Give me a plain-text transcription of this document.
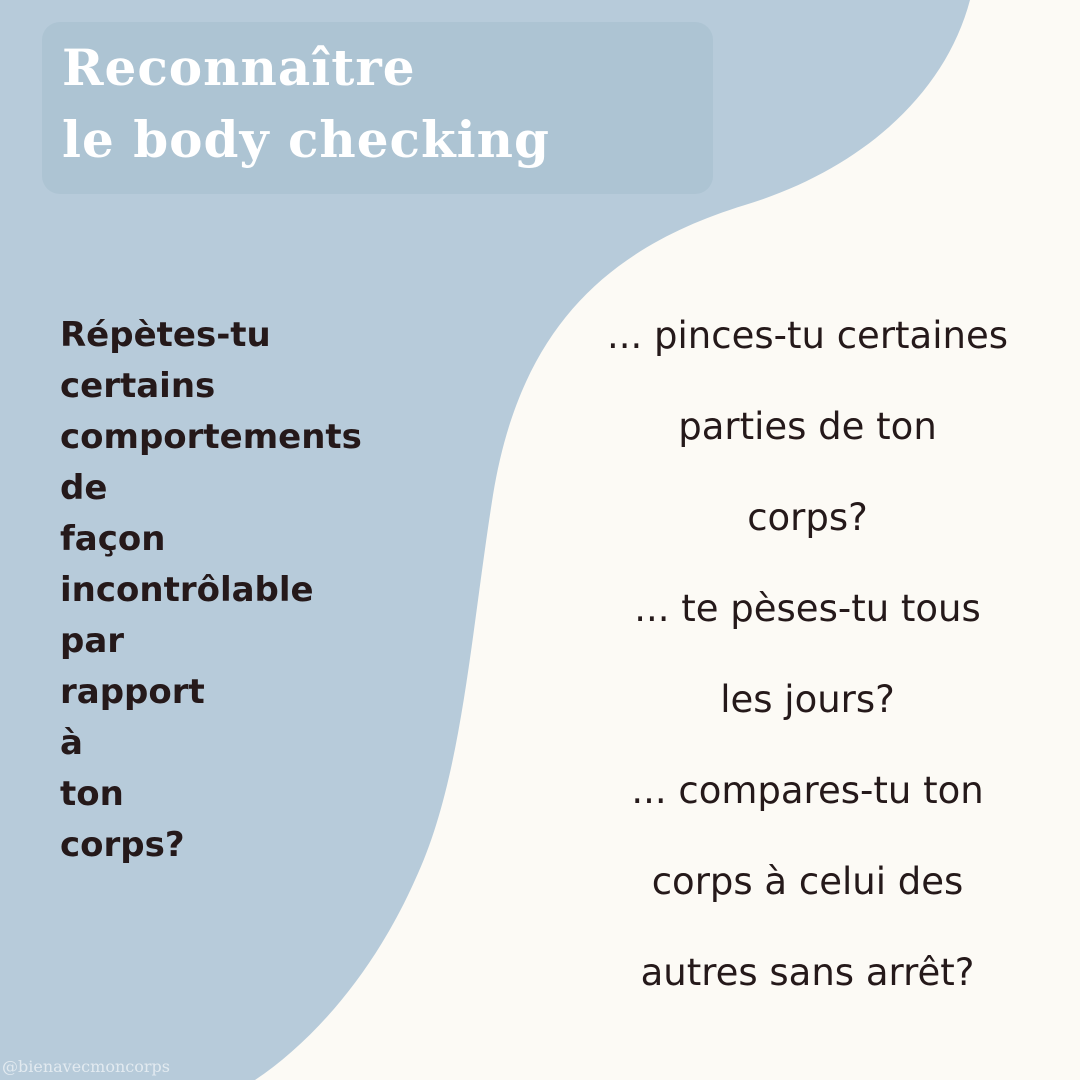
Reconnaître
le body checking
Répètes-tu
certains
comportements
de
façon
incontrôlable
par
rapport
à
ton
corps?
... pinces-tu certaines
parties de ton
corps?
... te pèses-tu tous
les jours?
... compares-tu ton
corps à celui des
autres sans arrêt?
@bienavecmoncorps
